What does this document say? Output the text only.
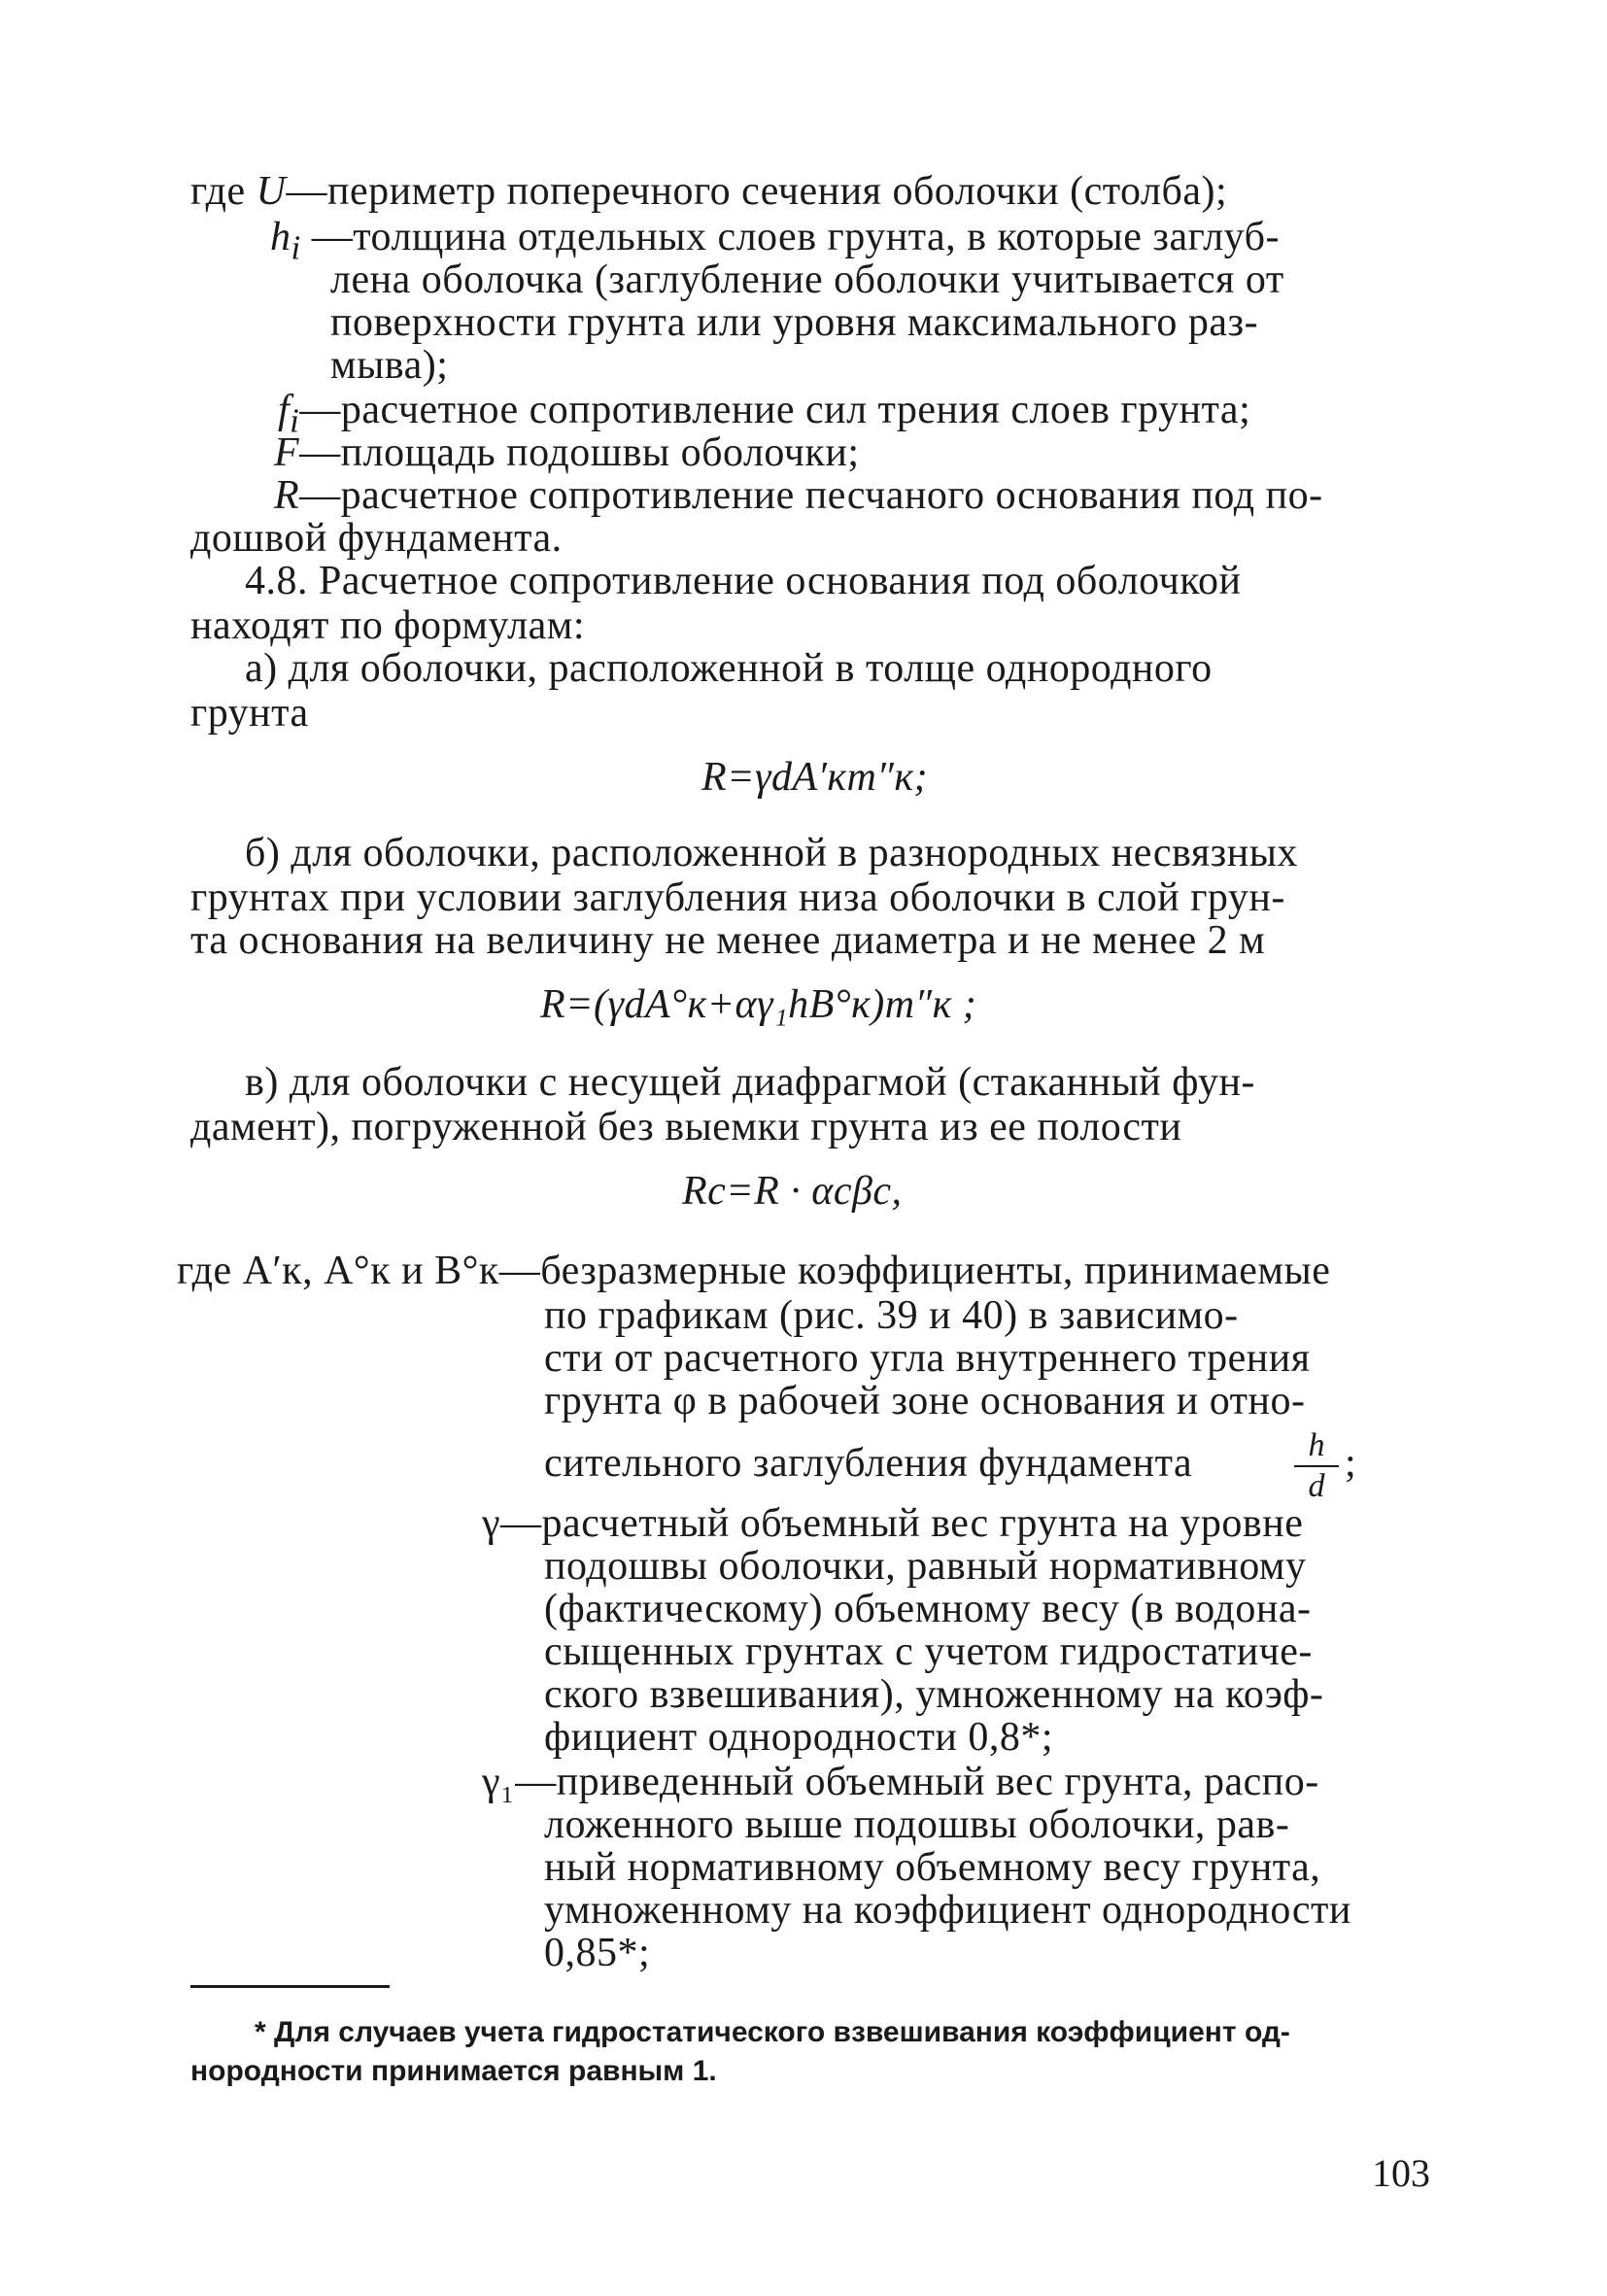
где U—периметр поперечного сечения оболочки (столба);
$h_i$ —толщина отдельных слоев грунта, в которые заглуб-
лена оболочка (заглубление оболочки учитывается от
поверхности грунта или уровня максимального раз-
мыва);
$f_i—расчетное$ сопротивление сил трения слоев грунта;
F—площадь подошвы оболочки;
R—расчетное сопротивление песчаного основания под по-
дошвой фундамента.
4.8. Расчетное сопротивление основания под оболочкой
находят по формулам:
а) для оболочки, расположенной в толще однородного
грунта
R=γdA′кm″к;
б) для оболочки, расположенной в разнородных несвязных
грунтах при условии заглубления низа оболочки в слой грун-
та основания на величину не менее диаметра и не менее 2 м
R=(γdA°к+αγ₁hB°к)m″к ;
в) для оболочки с несущей диафрагмой (стаканный фун-
дамент), погруженной без выемки грунта из ее полости
Rc=R · αcβc,
где A′к, A°к и B°к—безразмерные коэффициенты, принимаемые
по графикам (рис. 39 и 40) в зависимо-
сти от расчетного угла внутреннего трения
грунта φ в рабочей зоне основания и отно-
сительного заглубления фундамента	h
d
;
γ—расчетный объемный вес грунта на уровне
подошвы оболочки, равный нормативному
(фактическому) объемному весу (в водона-
сыщенных грунтах с учетом гидростатиче-
ского взвешивания), умноженному на коэф-
фициент однородности 0,8*;
γ₁—приведенный объемный вес грунта, распо-
ложенного выше подошвы оболочки, рав-
ный нормативному объемному весу грунта,
умноженному на коэффициент однородности
0,85*;
* Для случаев учета гидростатического взвешивания коэффициент од-
нородности принимается равным 1.
103
